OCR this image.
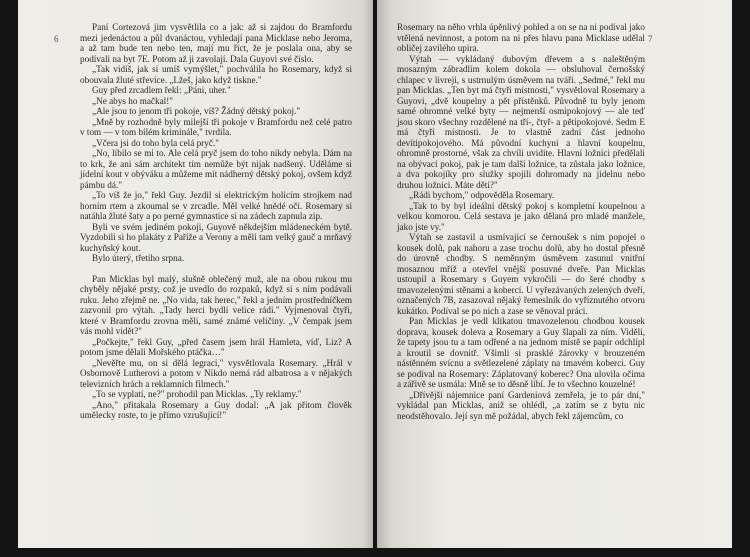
6

Paní Cortezová jim vysvětlila co a jak: až si zajdou do Bramfordu mezi jedenáctou a půl dvanáctou, vyhledají pana Micklase nebo Jeroma, a až tam bude ten nebo ten, mají mu říct, že je poslala ona, aby se podívali na byt 7E. Potom až ji zavolají. Dala Guyovi své číslo.

„Tak vidíš, jak si umíš vymýšlet," pochválila ho Rosemary, když si obouvala žluté střevíce. „Lžeš, jako když tiskne."

Guy před zrcadlem řekl: „Páni, uher."

„Ne abys ho mačkal!"

„Ale jsou to jenom tři pokoje, víš? Žádný dětský pokoj."

„Mně by rozhodně byly milejší tři pokoje v Bramfordu než celé patro v tom — v tom bílém kriminále," tvrdila.

„Včera jsi do toho byla celá pryč."

„No, líbilo se mi to. Ale celá pryč jsem do toho nikdy nebyla. Dám na to krk, že ani sám architekt tím nemůže být nijak nadšený. Uděláme si jídelní kout v obýváku a můžeme mít nádherný dětský pokoj, ovšem když pámbu dá."

„To víš že jo," řekl Guy. Jezdil si elektrickým holicím strojkem nad horním rtem a zkoumal se v zrcadle. Měl velké hnědé oči. Rosemary si natáhla žluté šaty a po perné gymnastice si na zádech zapnula zip.

Byli ve svém jediném pokoji, Guyově někdejším mládeneckém bytě. Vyzdobili si ho plakáty z Paříže a Verony a měli tam velký gauč a mrňavý kuchyňský kout.

Bylo úterý, třetího srpna.

Pan Micklas byl malý, slušně oblečený muž, ale na obou rukou mu chyběly nějaké prsty, což je uvedlo do rozpaků, když si s ním podávali ruku. Jeho zřejmě ne. „No vida, tak herec," řekl a jedním prostředníčkem zazvonil pro výtah. „Tady herci bydlí velice rádi." Vyjmenoval čtyři, které v Bramfordu zrovna měli, samé známé veličiny. „V čempak jsem vás mohl vidět?"

„Počkejte," řekl Guy, „před časem jsem hrál Hamleta, víď, Liz? A potom jsme dělali Mořského ptáčka…"

„Nevěřte mu, on si dělá legraci," vysvětlovala Rosemary. „Hrál v Osbornově Lutherovi a potom v Nikdo nemá rád albatrosa a v nějakých televizních hrách a reklamních filmech."

„To se vyplatí, ne?" prohodil pan Micklas. „Ty reklamy."

„Ano," přitakala Rosemary a Guy dodal: „A jak přitom člověk umělecky roste, to je přímo vzrušující!"

7

Rosemary na něho vrhla úpěnlivý pohled a on se na ni podíval jako vtělená nevinnost, a potom na ni přes hlavu pana Micklase udělal obličej zavilého upíra.

Výtah — vykládaný dubovým dřevem a s naleštěným mosazným zábradlím kolem dokola — obsluhoval černošský chlapec v livreji, s ustrnulým úsměvem na tváři. „Sedmé," řekl mu pan Micklas. „Ten byt má čtyři místnosti," vysvětloval Rosemary a Guyovi, „dvě koupelny a pět přístěnků. Původně tu byly jenom samé ohromné velké byty — nejmenší osmipokojový — ale teď jsou skoro všechny rozdělené na tří-, čtyř- a pětipokojové. Sedm E má čtyři místnosti. Je to vlastně zadní část jednoho devítipokojového. Má původní kuchyni a hlavní koupelnu, ohromně prostorné, však za chvíli uvidíte. Hlavní ložnici předělali na obývací pokoj, pak je tam další ložnice, ta zůstala jako ložnice, a dva pokojíky pro služky spojili dohromady na jídelnu nebo druhou ložnici. Máte děti?"

„Rádi bychom," odpověděla Rosemary.

„Tak to by byl ideální dětský pokoj s kompletní koupelnou a velkou komorou. Celá sestava je jako dělaná pro mladé manžele, jako jste vy."

Výtah se zastavil a usmívající se černoušek s ním popojel o kousek dolů, pak nahoru a zase trochu dolů, aby ho dostal přesně do úrovně chodby. S neměnným úsměvem zasunul vnitřní mosaznou mříž a otevřel vnější posuvné dveře. Pan Micklas ustoupil a Rosemary s Guyem vykročili — do šeré chodby s tmavozelenými stěnami a kobercí. U vyřezávaných zelených dveří, označených 7B, zasazoval nějaký řemeslník do vyříznutého otvoru kukátko. Podíval se po nich a zase se věnoval práci.

Pan Micklas je vedl klikatou tmavozelenou chodbou kousek doprava, kousek doleva a Rosemary a Guy šlapali za ním. Viděli, že tapety jsou tu a tam odřené a na jednom místě se papír odchlípl a kroutil se dovnitř. Všimli si prasklé žárovky v brouzeném nástěnném svícnu a světlezelené záplaty na tmavém koberci. Guy se podíval na Rosemary: Záplatovaný koberec? Ona ulovila očima a zářivě se usmála: Mně se to děsně líbí. Je to všechno kouzelné!

„Dřívější nájemnice paní Gardeniová zemřela, je to pár dní," vykládal pan Micklas, aniž se ohlédl, „a zatím se z bytu nic neodstěhovalo. Její syn mě požádal, abych řekl zájemcům, co
